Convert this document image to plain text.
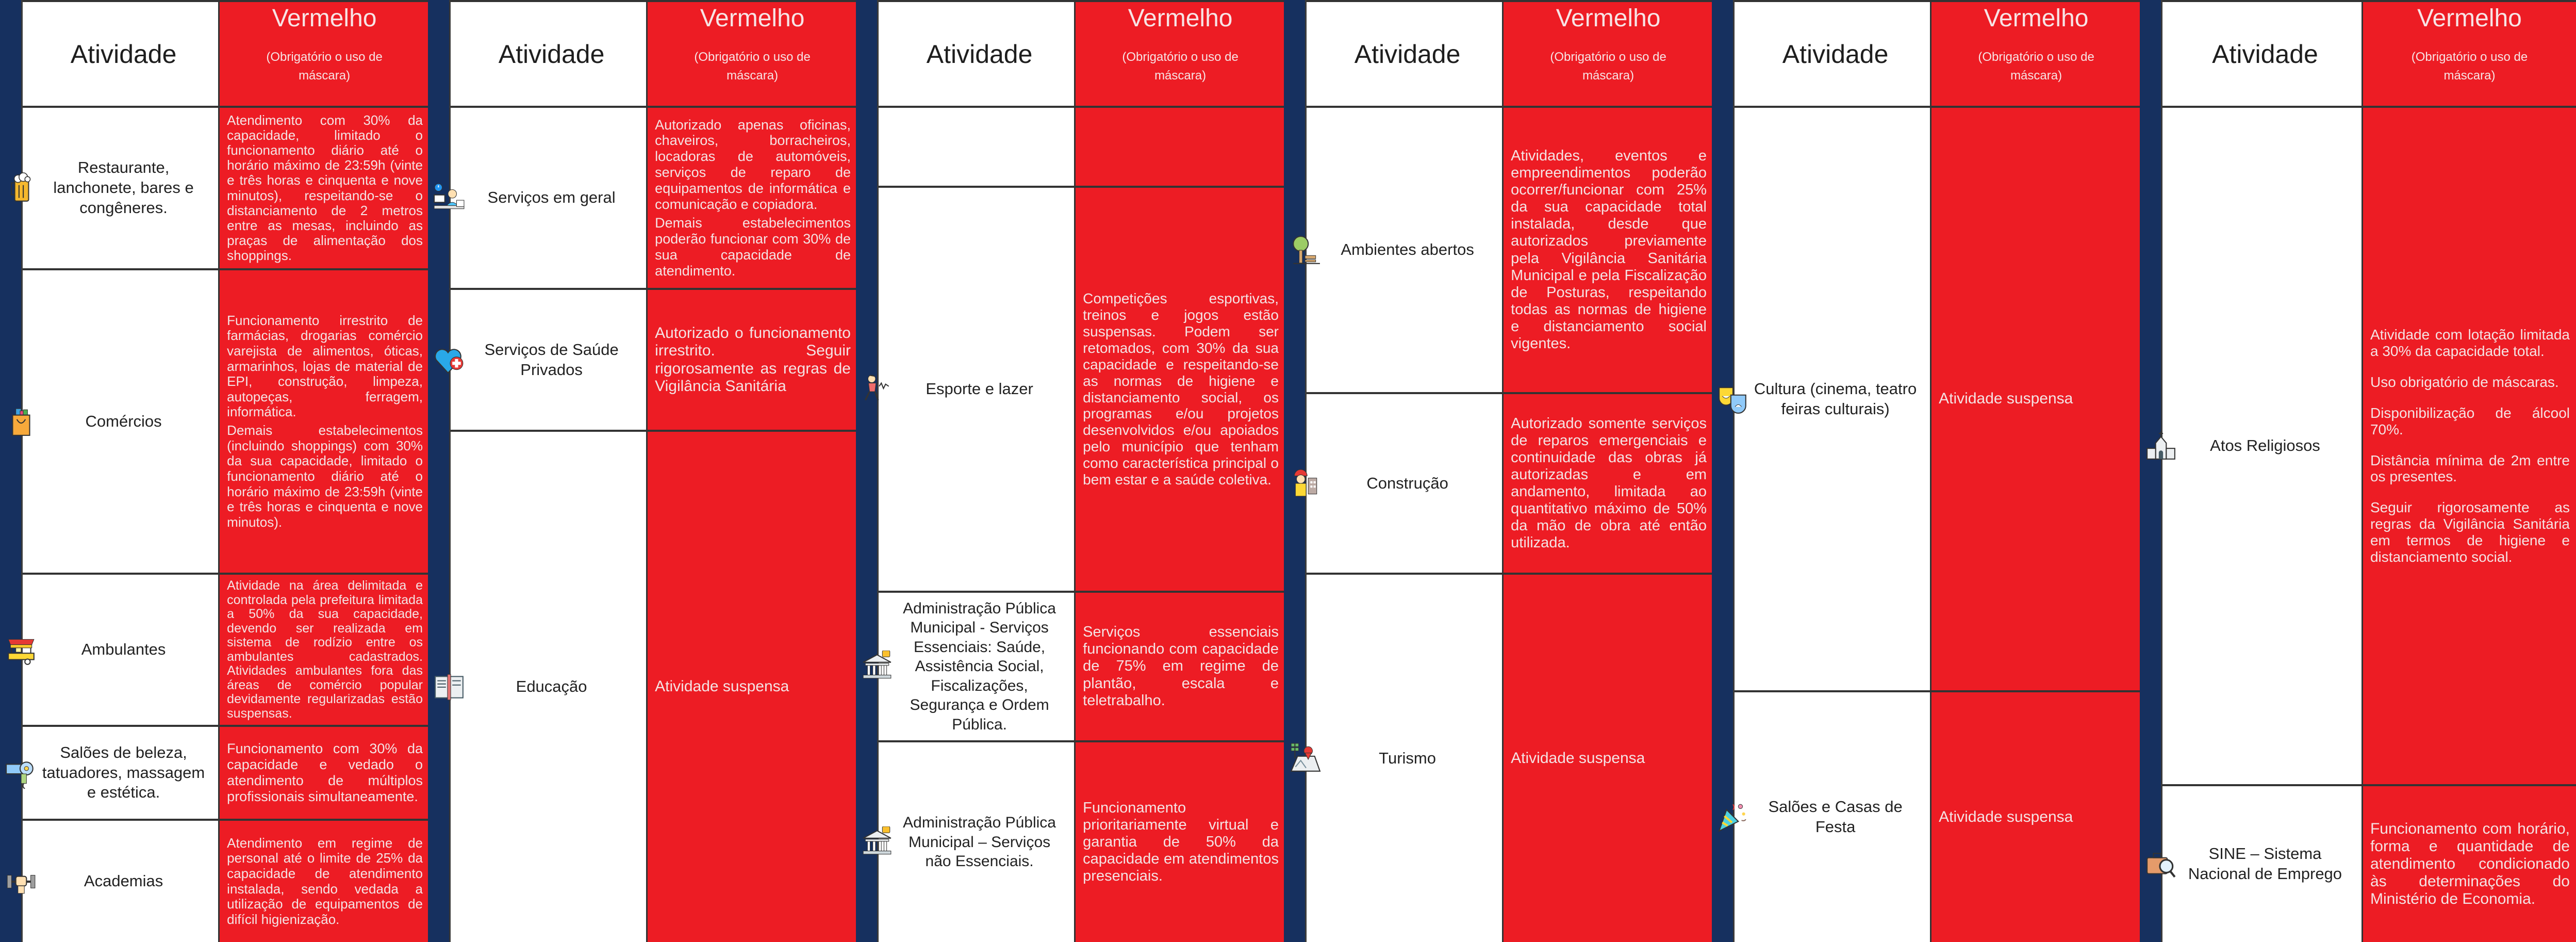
Atividade
Vermelho
(Obrigatório o uso de máscara)
Restaurante, lanchonete, bares e congêneres.

Atendimento com 30% da capacidade, limitado o funcionamento diário até o horário máximo de 23:59h (vinte e três horas e cinquenta e nove minutos), respeitando-se o distanciamento de 2 metros entre as mesas, incluindo as praças de alimentação dos shoppings.

Comércios

Funcionamento irrestrito de farmácias, drogarias comércio varejista de alimentos, óticas, armarinhos, lojas de material de EPI, construção, limpeza, autopeças, ferragem, informática.

Demais estabelecimentos (incluindo shoppings) com 30% da sua capacidade, limitado o funcionamento diário até o horário máximo de 23:59h (vinte e três horas e cinquenta e nove minutos).

Ambulantes

Atividade na área delimitada e controlada pela prefeitura limitada a 50% da sua capacidade, devendo ser realizada em sistema de rodízio entre os ambulantes cadastrados. Atividades ambulantes fora das áreas de comércio popular devidamente regularizadas estão suspensas.

Salões de beleza, tatuadores, massagem e estética.

Funcionamento com 30% da capacidade e vedado o atendimento de múltiplos profissionais simultaneamente.

Academias

Atendimento em regime de personal até o limite de 25% da capacidade de atendimento instalada, sendo vedada a utilização de equipamentos de difícil higienização.

Atividade
Vermelho
(Obrigatório o uso de máscara)
Serviços em geral

Autorizado apenas oficinas, chaveiros, borracheiros, locadoras de automóveis, serviços de reparo de equipamentos de informática e comunicação e copiadora.

Demais estabelecimentos poderão funcionar com 30% de sua capacidade de atendimento.

Serviços de Saúde Privados

Autorizado o funcionamento irrestrito. Seguir rigorosamente as regras de Vigilância Sanitária

Educação	Atividade suspensa

Atividade
Vermelho
(Obrigatório o uso de máscara)
Esporte e lazer

Competições esportivas, treinos e jogos estão suspensas. Podem ser retomados, com 30% da sua capacidade e respeitando-se as normas de higiene e distanciamento social, os programas e/ou projetos desenvolvidos e/ou apoiados pelo município que tenham como característica principal o bem estar e a saúde coletiva.

Administração Pública Municipal - Serviços Essenciais: Saúde, Assistência Social, Fiscalizações, Segurança e Ordem Pública.

Serviços essenciais funcionando com capacidade de 75% em regime de plantão, escala e teletrabalho.

Administração Pública Municipal – Serviços não Essenciais.

Funcionamento prioritariamente virtual e garantia de 50% da capacidade em atendimentos presenciais.

Atividade
Vermelho
(Obrigatório o uso de máscara)
Ambientes abertos

Atividades, eventos e empreendimentos poderão ocorrer/funcionar com 25% da sua capacidade total instalada, desde que autorizados previamente pela Vigilância Sanitária Municipal e pela Fiscalização de Posturas, respeitando todas as normas de higiene e distanciamento social vigentes.

Construção

Autorizado somente serviços de reparos emergenciais e continuidade das obras já autorizadas e em andamento, limitada ao quantitativo máximo de 50% da mão de obra até então utilizada.

Turismo	Atividade suspensa

Atividade
Vermelho
(Obrigatório o uso de máscara)
Cultura (cinema, teatro feiras culturais)

Atividade suspensa

Salões e Casas de Festa

Atividade suspensa

Atividade
Vermelho
(Obrigatório o uso de máscara)
Atos Religiosos

Atividade com lotação limitada a 30% da capacidade total.

Uso obrigatório de máscaras.

Disponibilização de álcool 70%.

Distância mínima de 2m entre os presentes.

Seguir rigorosamente as regras da Vigilância Sanitária em termos de higiene e distanciamento social.

SINE – Sistema Nacional de Emprego

Funcionamento com horário, forma e quantidade de atendimento condicionado às determinações do Ministério de Economia.
